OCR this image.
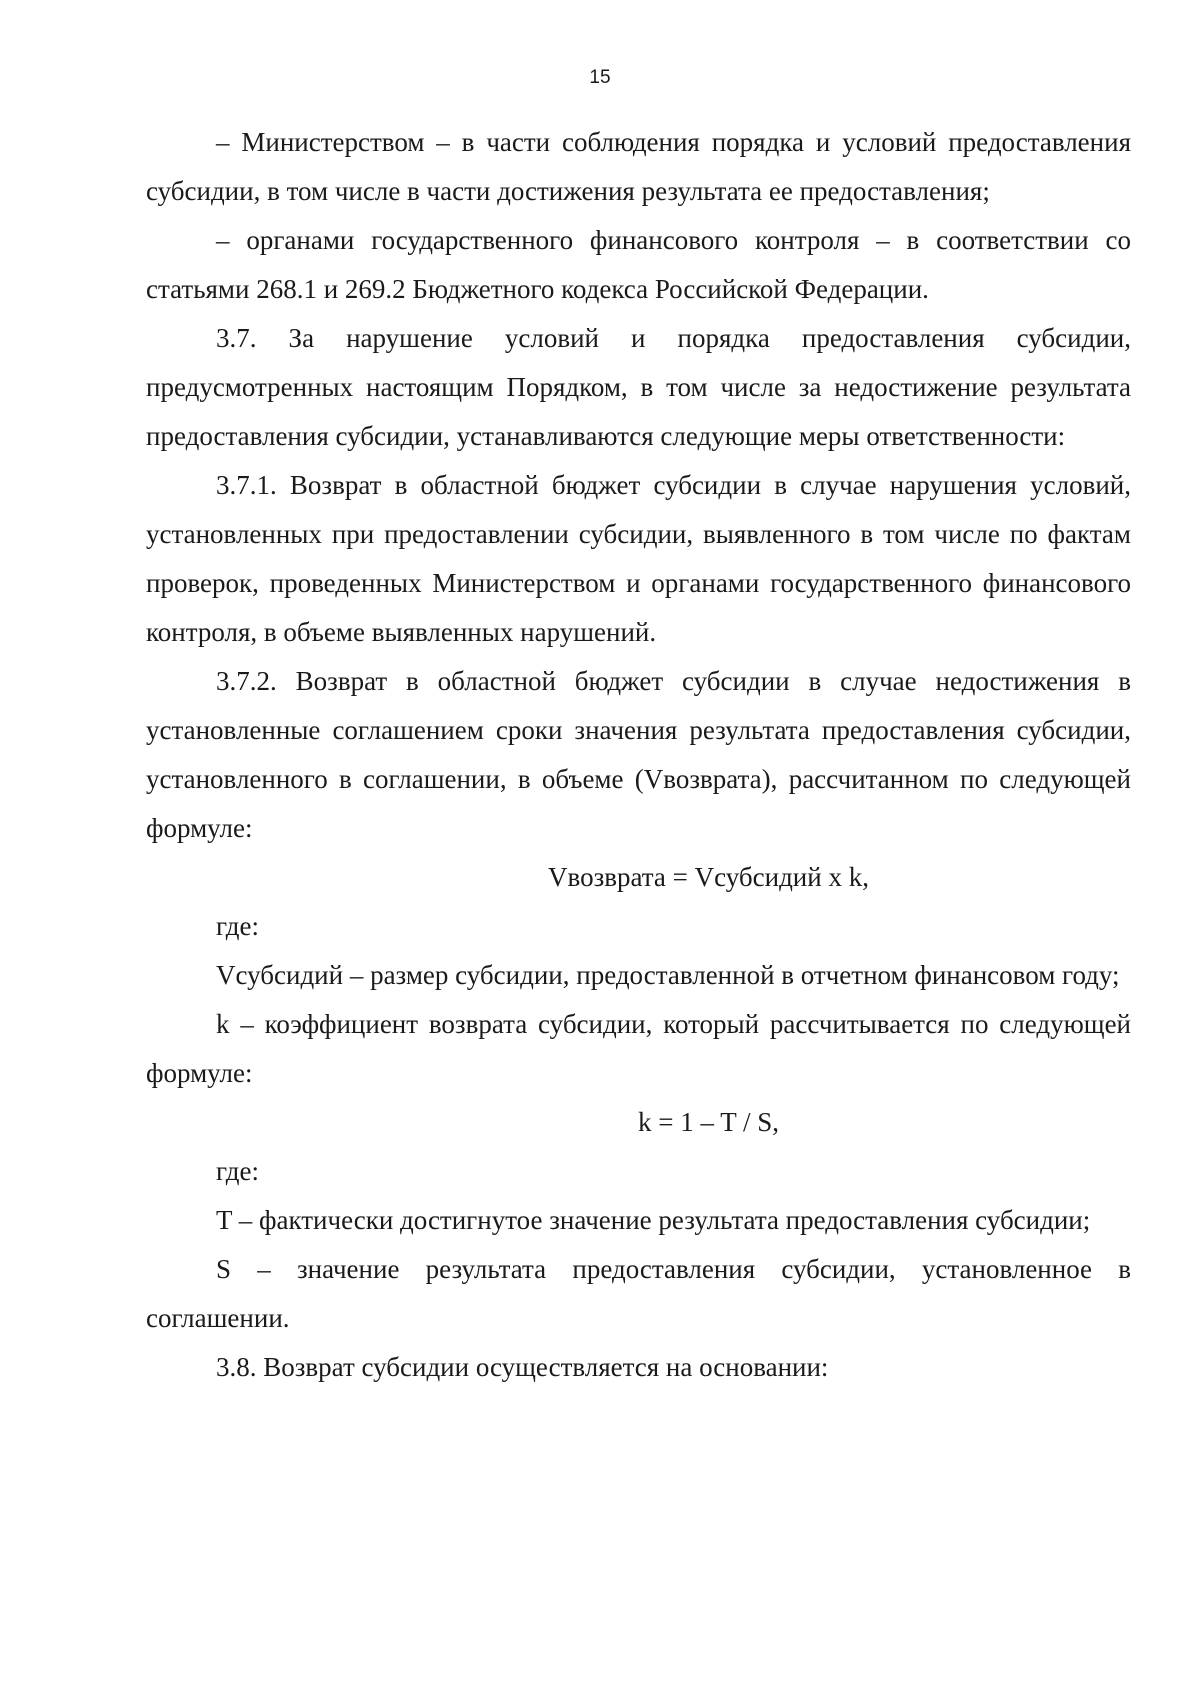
15

– Министерством – в части соблюдения порядка и условий предоставления субсидии, в том числе в части достижения результата ее предоставления;

– органами государственного финансового контроля – в соответствии со статьями 268.1 и 269.2 Бюджетного кодекса Российской Федерации.

3.7. За нарушение условий и порядка предоставления субсидии, предусмотренных настоящим Порядком, в том числе за недостижение результата предоставления субсидии, устанавливаются следующие меры ответственности:

3.7.1. Возврат в областной бюджет субсидии в случае нарушения условий, установленных при предоставлении субсидии, выявленного в том числе по фактам проверок, проведенных Министерством и органами государственного финансового контроля, в объеме выявленных нарушений.

3.7.2. Возврат в областной бюджет субсидии в случае недостижения в установленные соглашением сроки значения результата предоставления субсидии, установленного в соглашении, в объеме (Vвозврата), рассчитанном по следующей формуле:

Vвозврата = Vсубсидий x k,

где:

Vсубсидий – размер субсидии, предоставленной в отчетном финансовом году;

k – коэффициент возврата субсидии, который рассчитывается по следующей формуле:

k = 1 – T / S,

где:

T – фактически достигнутое значение результата предоставления субсидии;

S – значение результата предоставления субсидии, установленное в соглашении.

3.8. Возврат субсидии осуществляется на основании:
